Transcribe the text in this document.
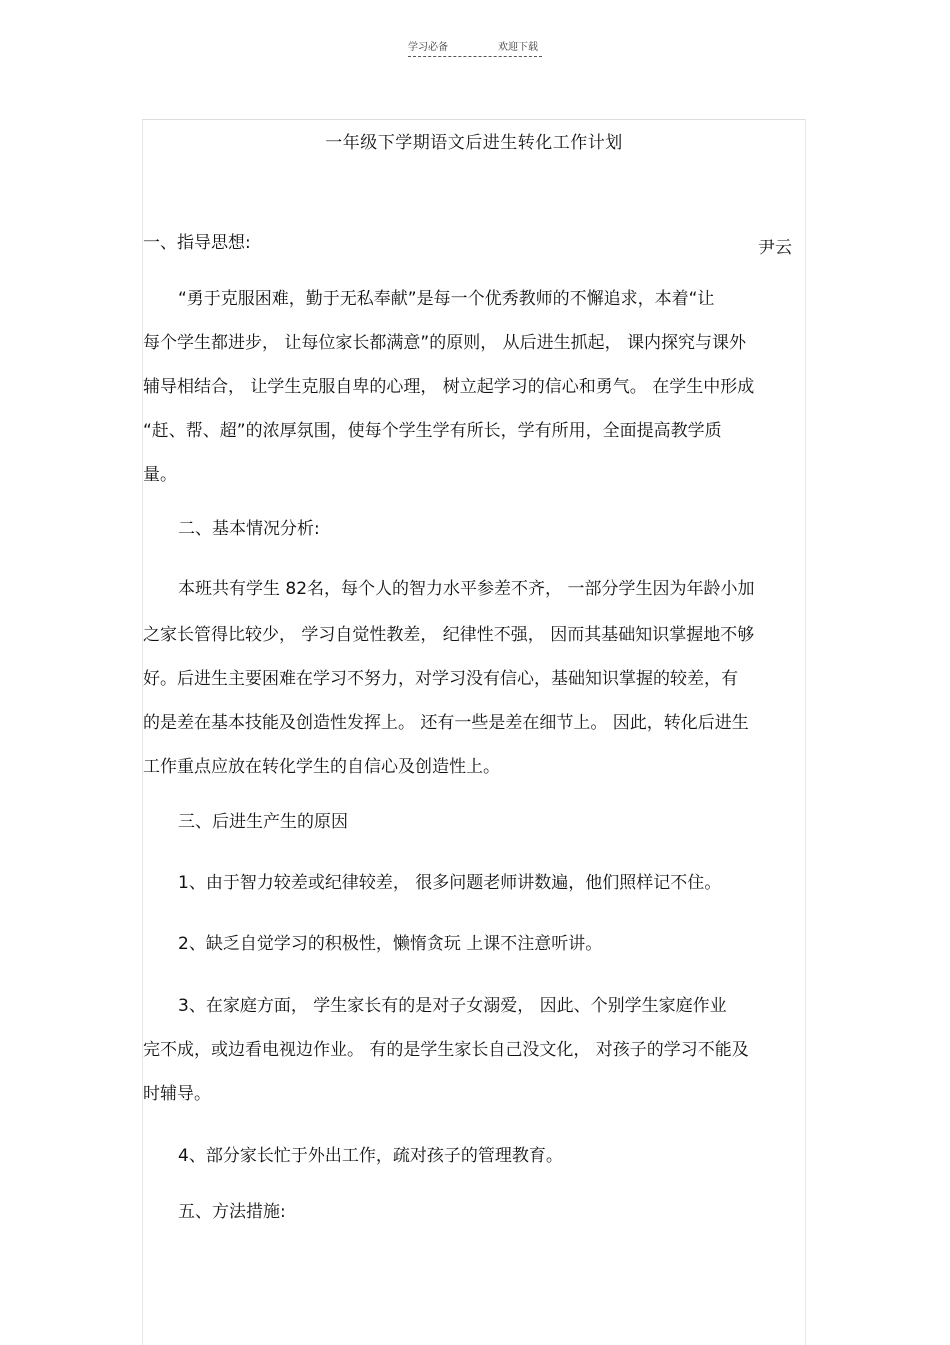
学习必备	欢迎下载
一年级下学期语文后进生转化工作计划
一、指导思想:	尹云
“勇于克服困难，勤于无私奉献”是每一个优秀教师的不懈追求，本着“让
每个学生都进步， 让每位家长都满意”的原则， 从后进生抓起， 课内探究与课外
辅导相结合， 让学生克服自卑的心理， 树立起学习的信心和勇气。 在学生中形成
“赶、帮、超”的浓厚氛围，使每个学生学有所长，学有所用，全面提高教学质
量。
二、基本情况分析:
本班共有学生 82名，每个人的智力水平参差不齐， 一部分学生因为年龄小加
之家长管得比较少， 学习自觉性教差， 纪律性不强， 因而其基础知识掌握地不够
好。后进生主要困难在学习不努力，对学习没有信心，基础知识掌握的较差，有
的是差在基本技能及创造性发挥上。 还有一些是差在细节上。 因此，转化后进生
工作重点应放在转化学生的自信心及创造性上。
三、后进生产生的原因
1、由于智力较差或纪律较差， 很多问题老师讲数遍，他们照样记不住。
2、缺乏自觉学习的积极性，懒惰贪玩 上课不注意听讲。
3、在家庭方面， 学生家长有的是对子女溺爱， 因此、个别学生家庭作业
完不成，或边看电视边作业。 有的是学生家长自己没文化， 对孩子的学习不能及
时辅导。
4、部分家长忙于外出工作，疏对孩子的管理教育。
五、方法措施:
